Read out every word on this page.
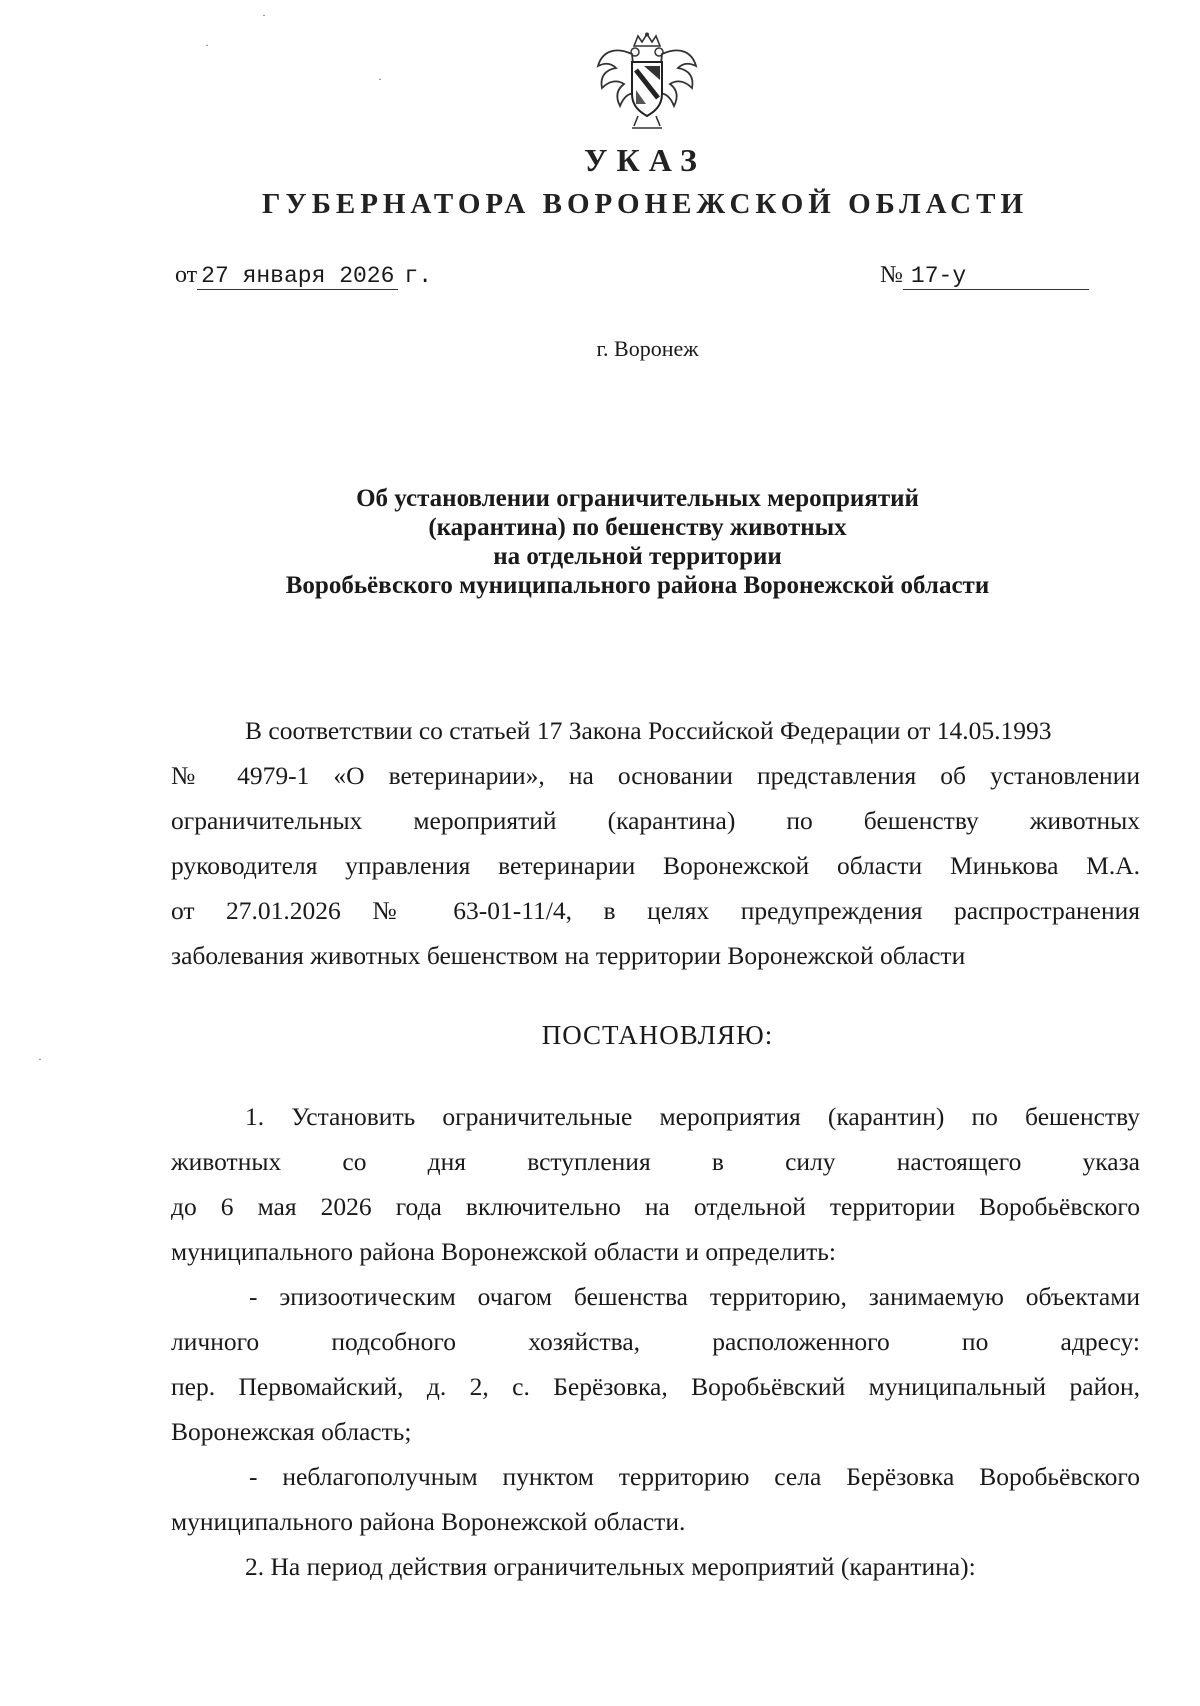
УКАЗ
ГУБЕРНАТОРА ВОРОНЕЖСКОЙ ОБЛАСТИ
от 27 января 2026 г.	№ 17-у
г. Воронеж
Об установлении ограничительных мероприятий
(карантина) по бешенству животных
на отдельной территории
Воробьёвского муниципального района Воронежской области
В соответствии со статьей 17 Закона Российской Федерации от 14.05.1993
№ 4979-1 «О ветеринарии», на основании представления об установлении
ограничительных мероприятий (карантина) по бешенству животных
руководителя управления ветеринарии Воронежской области Минькова М.А.
от 27.01.2026 № 63-01-11/4, в целях предупреждения распространения
заболевания животных бешенством на территории Воронежской области
ПОСТАНОВЛЯЮ:
1. Установить ограничительные мероприятия (карантин) по бешенству
животных со дня вступления в силу настоящего указа
до 6 мая 2026 года включительно на отдельной территории Воробьёвского
муниципального района Воронежской области и определить:
- эпизоотическим очагом бешенства территорию, занимаемую объектами
личного подсобного хозяйства, расположенного по адресу:
пер. Первомайский, д. 2, с. Берёзовка, Воробьёвский муниципальный район,
Воронежская область;
- неблагополучным пунктом территорию села Берёзовка Воробьёвского
муниципального района Воронежской области.
2. На период действия ограничительных мероприятий (карантина):
·
·
·
·
